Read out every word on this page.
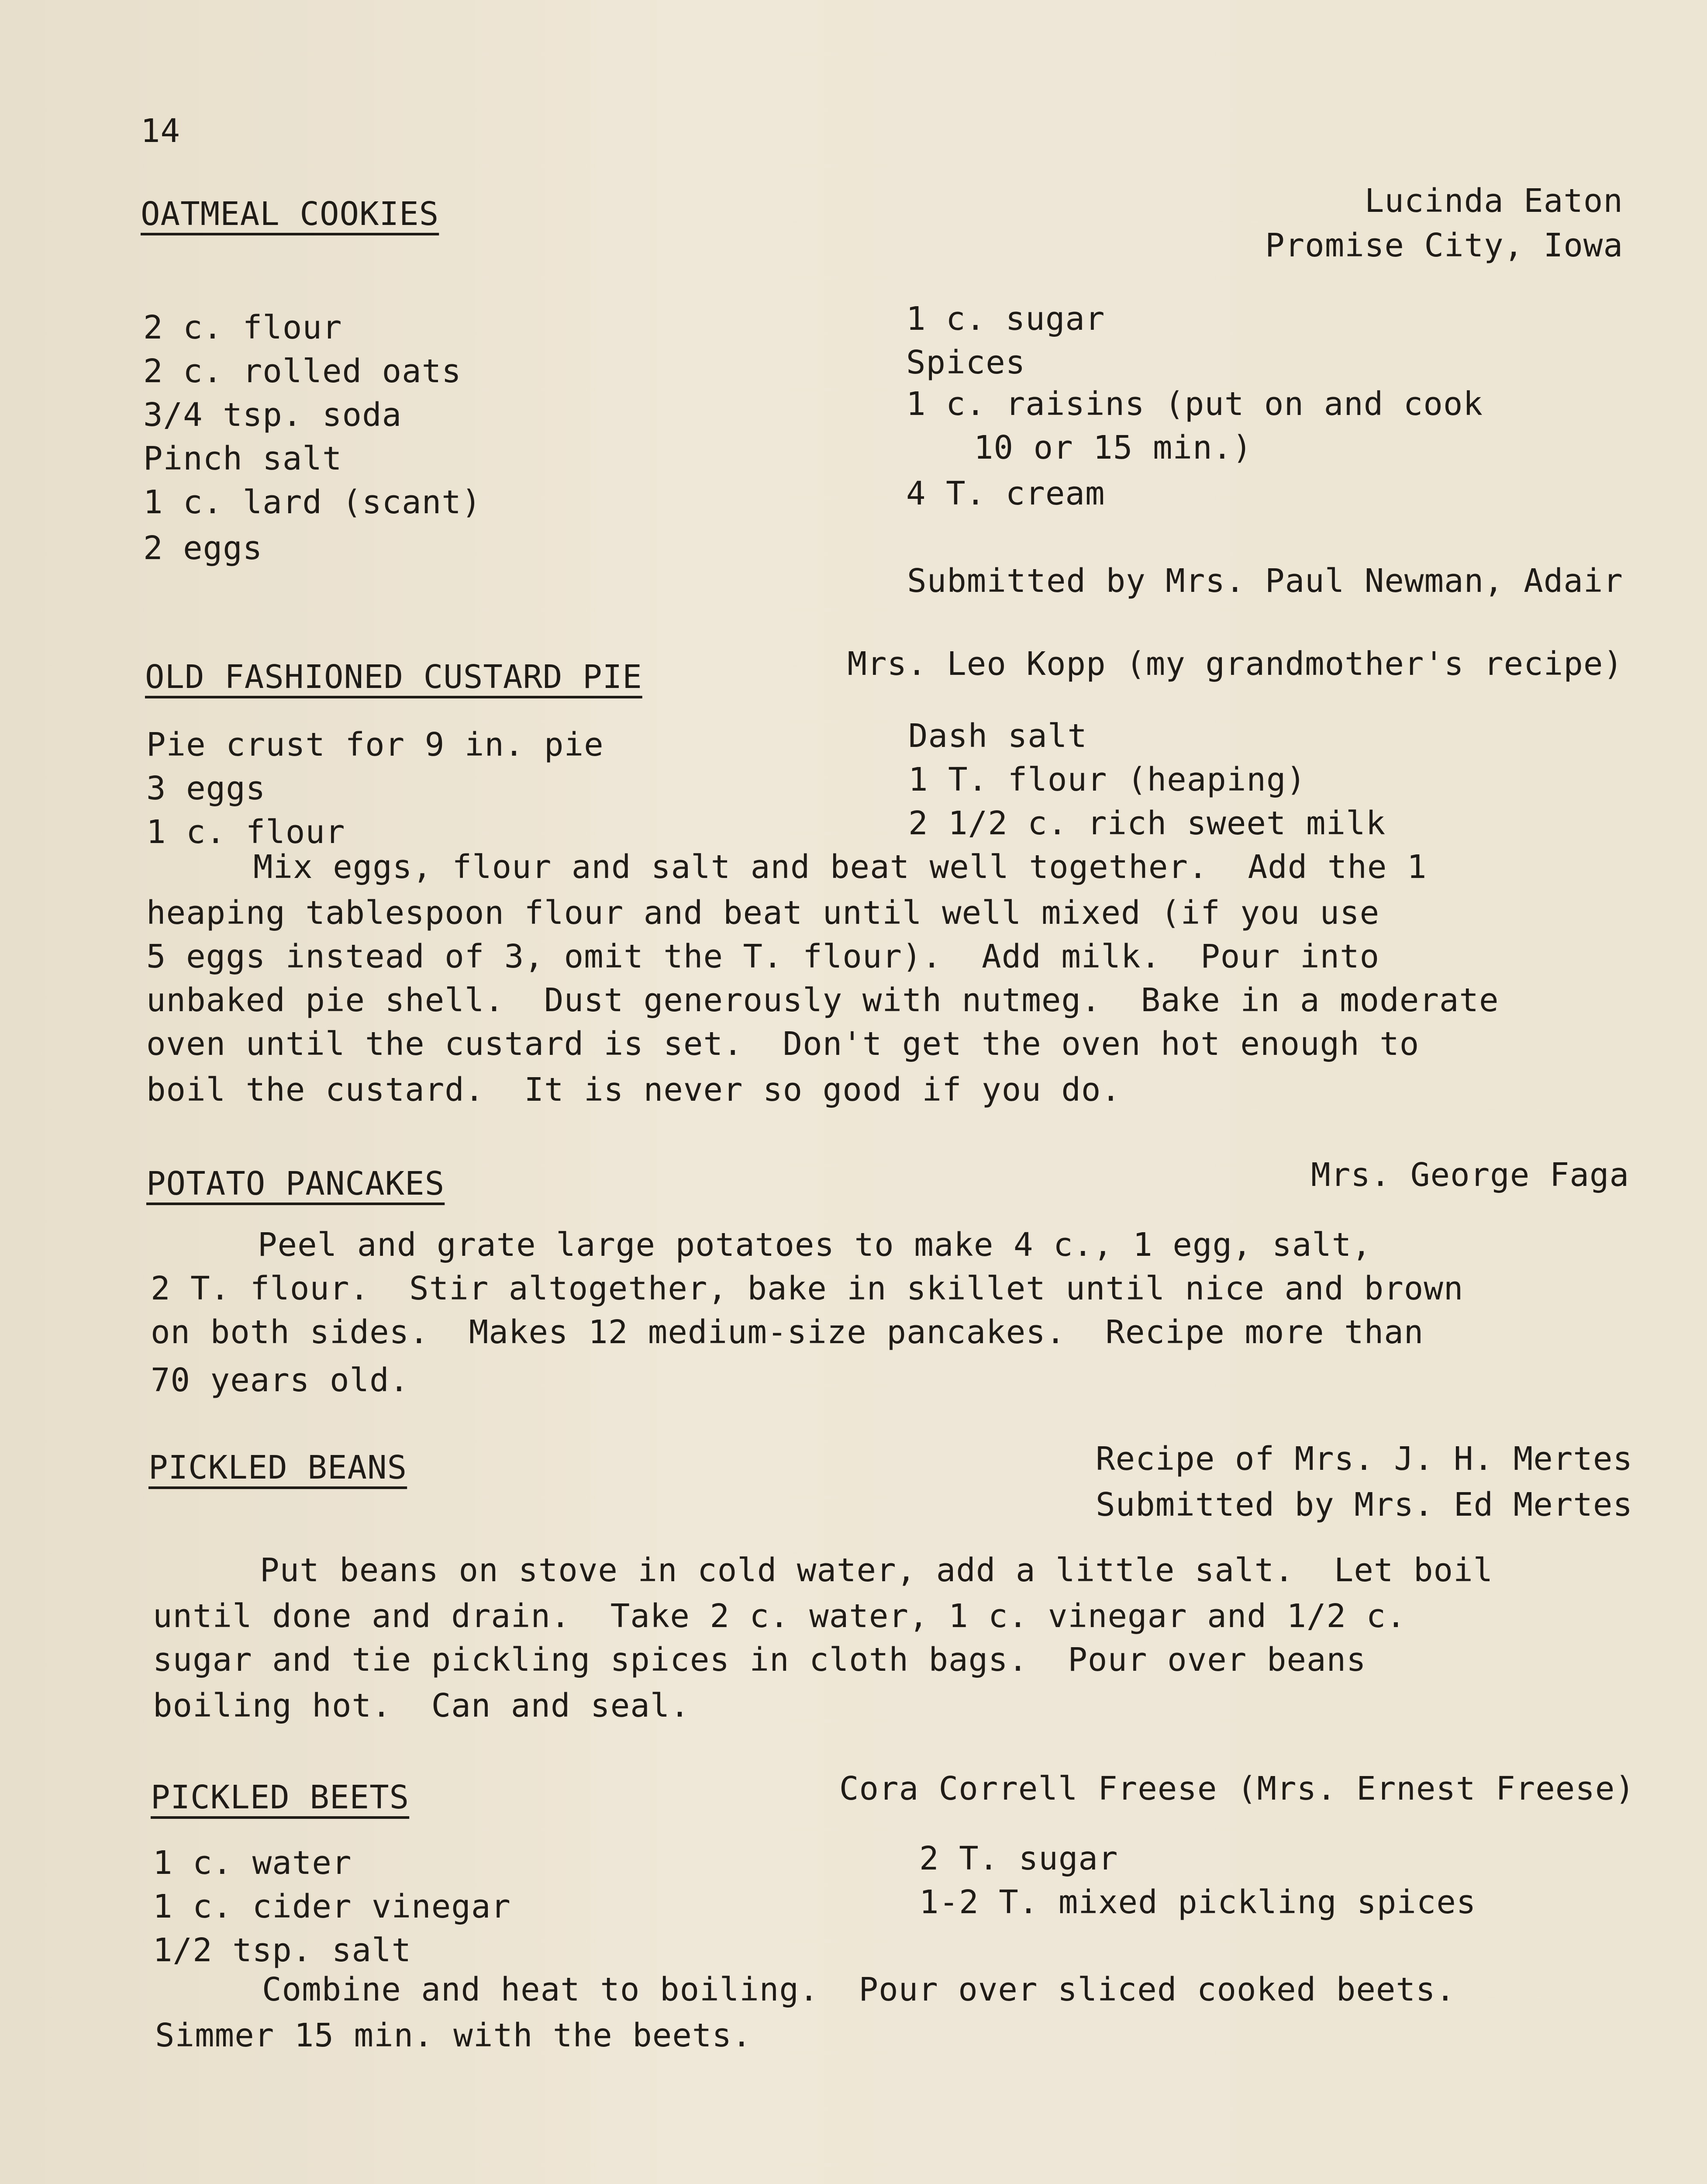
14
OATMEAL COOKIES	Lucinda Eaton
Promise City, Iowa
2 c. flour
2 c. rolled oats
3/4 tsp. soda
Pinch salt
1 c. lard (scant)
2 eggs
1 c. sugar
Spices
1 c. raisins (put on and cook
10 or 15 min.)
4 T. cream
Submitted by Mrs. Paul Newman, Adair
OLD FASHIONED CUSTARD PIE	Mrs. Leo Kopp (my grandmother's recipe)
Pie crust for 9 in. pie
3 eggs
1 c. flour
Dash salt
1 T. flour (heaping)
2 1/2 c. rich sweet milk
Mix eggs, flour and salt and beat well together.  Add the 1
heaping tablespoon flour and beat until well mixed (if you use
5 eggs instead of 3, omit the T. flour).  Add milk.  Pour into
unbaked pie shell.  Dust generously with nutmeg.  Bake in a moderate
oven until the custard is set.  Don't get the oven hot enough to
boil the custard.  It is never so good if you do.
POTATO PANCAKES	Mrs. George Faga
Peel and grate large potatoes to make 4 c., 1 egg, salt,
2 T. flour.  Stir altogether, bake in skillet until nice and brown
on both sides.  Makes 12 medium-size pancakes.  Recipe more than
70 years old.
PICKLED BEANS	Recipe of Mrs. J. H. Mertes
Submitted by Mrs. Ed Mertes
Put beans on stove in cold water, add a little salt.  Let boil
until done and drain.  Take 2 c. water, 1 c. vinegar and 1/2 c.
sugar and tie pickling spices in cloth bags.  Pour over beans
boiling hot.  Can and seal.
PICKLED BEETS	Cora Correll Freese (Mrs. Ernest Freese)
1 c. water
1 c. cider vinegar
1/2 tsp. salt
2 T. sugar
1-2 T. mixed pickling spices
Combine and heat to boiling.  Pour over sliced cooked beets.
Simmer 15 min. with the beets.
